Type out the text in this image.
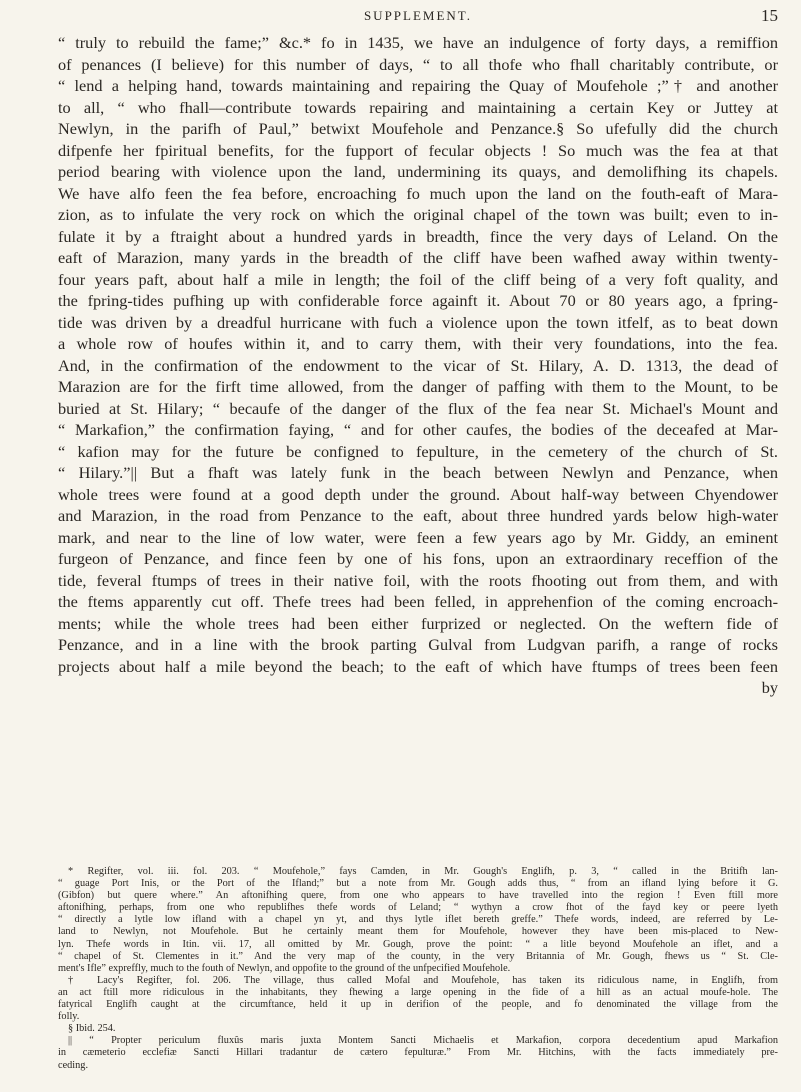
SUPPLEMENT.	15
“ truly to rebuild the fame;” &c.* fo in 1435, we have an indulgence of forty days, a remiffion
of penances (I believe) for this number of days, “ to all thofe who fhall charitably contribute, or
“ lend a helping hand, towards maintaining and repairing the Quay of Moufehole ;”† and another
to all, “ who fhall—contribute towards repairing and maintaining a certain Key or Juttey at
Newlyn, in the parifh of Paul,” betwixt Moufehole and Penzance.§ So ufefully did the church
difpenfe her fpiritual benefits, for the fupport of fecular objects ! So much was the fea at that
period bearing with violence upon the land, undermining its quays, and demolifhing its chapels.
We have alfo feen the fea before, encroaching fo much upon the land on the fouth-eaft of Mara-
zion, as to infulate the very rock on which the original chapel of the town was built; even to in-
fulate it by a ftraight about a hundred yards in breadth, fince the very days of Leland. On the
eaft of Marazion, many yards in the breadth of the cliff have been wafhed away within twenty-
four years paft, about half a mile in length; the foil of the cliff being of a very foft quality, and
the fpring-tides pufhing up with confiderable force againft it. About 70 or 80 years ago, a fpring-
tide was driven by a dreadful hurricane with fuch a violence upon the town itfelf, as to beat down
a whole row of houfes within it, and to carry them, with their very foundations, into the fea.
And, in the confirmation of the endowment to the vicar of St. Hilary, A. D. 1313, the dead of
Marazion are for the firft time allowed, from the danger of paffing with them to the Mount, to be
buried at St. Hilary; “ becaufe of the danger of the flux of the fea near St. Michael's Mount and
“ Markafion,” the confirmation faying, “ and for other caufes, the bodies of the deceafed at Mar-
“ kafion may for the future be configned to fepulture, in the cemetery of the church of St.
“ Hilary.”|| But a fhaft was lately funk in the beach between Newlyn and Penzance, when
whole trees were found at a good depth under the ground. About half-way between Chyendower
and Marazion, in the road from Penzance to the eaft, about three hundred yards below high-water
mark, and near to the line of low water, were feen a few years ago by Mr. Giddy, an eminent
furgeon of Penzance, and fince feen by one of his fons, upon an extraordinary receffion of the
tide, feveral ftumps of trees in their native foil, with the roots fhooting out from them, and with
the ftems apparently cut off. Thefe trees had been felled, in apprehenfion of the coming encroach-
ments; while the whole trees had been either furprized or neglected. On the weftern fide of
Penzance, and in a line with the brook parting Gulval from Ludgvan parifh, a range of rocks
projects about half a mile beyond the beach; to the eaft of which have ftumps of trees been feen
by
* Regifter, vol. iii. fol. 203. “ Moufehole,” fays Camden, in Mr. Gough's Englifh, p. 3, “ called in the Britifh lan-
“ guage Port Inis, or the Port of the Ifland;” but a note from Mr. Gough adds thus, “ from an ifland lying before it G.
(Gibfon) but quere where.” An aftonifhing quere, from one who appears to have travelled into the region ! Even ftill more
aftonifhing, perhaps, from one who republifhes thefe words of Leland; “ wythyn a crow fhot of the fayd key or peere lyeth
“ directly a lytle low ifland with a chapel yn yt, and thys lytle iflet bereth greffe.” Thefe words, indeed, are referred by Le-
land to Newlyn, not Moufehole. But he certainly meant them for Moufehole, however they have been mis-placed to New-
lyn. Thefe words in Itin. vii. 17, all omitted by Mr. Gough, prove the point: “ a litle beyond Moufehole an iflet, and a
“ chapel of St. Clementes in it.” And the very map of the county, in the very Britannia of Mr. Gough, fhews us “ St. Cle-
ment's Ifle” expreffly, much to the fouth of Newlyn, and oppofite to the ground of the unfpecified Moufehole.
† Lacy's Regifter, fol. 206. The village, thus called Mofal and Moufehole, has taken its ridiculous name, in Englifh, from
an act ftill more ridiculous in the inhabitants, they fhewing a large opening in the fide of a hill as an actual moufe-hole. The
fatyrical Englifh caught at the circumftance, held it up in derifion of the people, and fo denominated the village from the
folly.
§ Ibid. 254.
|| “ Propter periculum fluxûs maris juxta Montem Sancti Michaelis et Markafion, corpora decedentium apud Markafion
in cæmeterio ecclefiæ Sancti Hillari tradantur de cætero fepulturæ.” From Mr. Hitchins, with the facts immediately pre-
ceding.
